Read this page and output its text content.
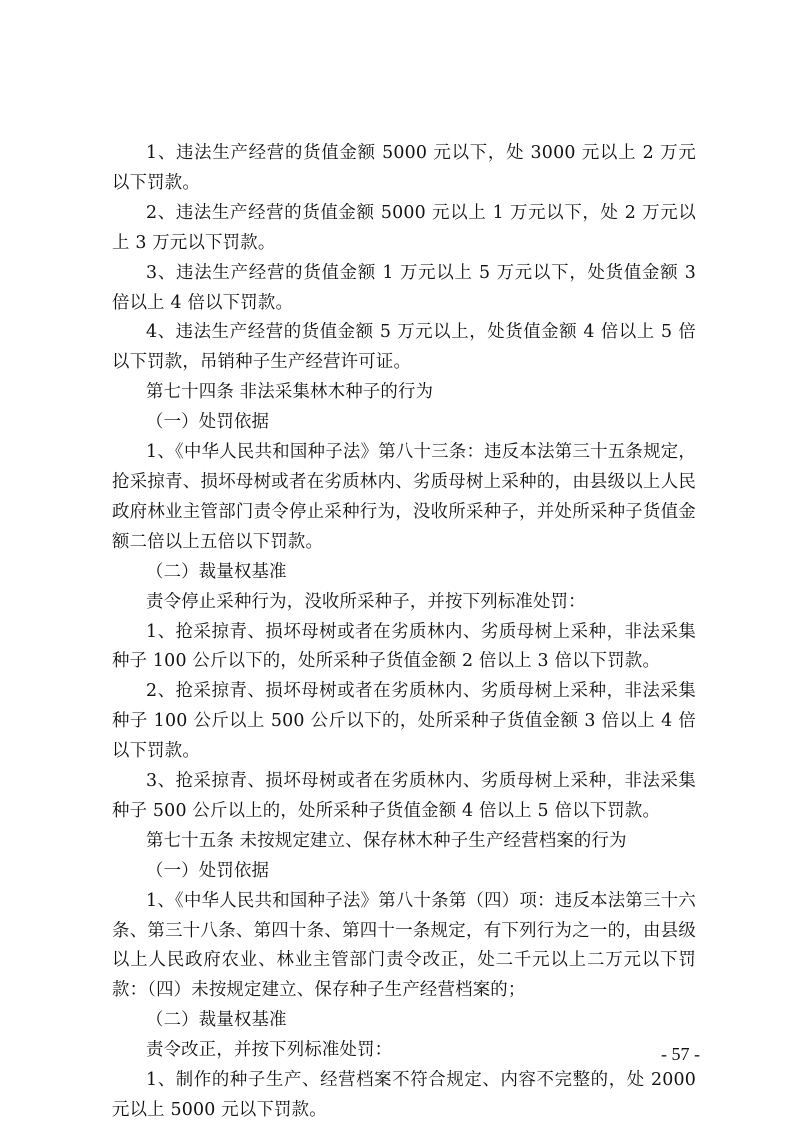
1、违法生产经营的货值金额 5000 元以下，处 3000 元以上 2 万元以下罚款。

2、违法生产经营的货值金额 5000 元以上 1 万元以下，处 2 万元以上 3 万元以下罚款。

3、违法生产经营的货值金额 1 万元以上 5 万元以下，处货值金额 3 倍以上 4 倍以下罚款。

4、违法生产经营的货值金额 5 万元以上，处货值金额 4 倍以上 5 倍以下罚款，吊销种子生产经营许可证。

第七十四条 非法采集林木种子的行为

（一）处罚依据

1、《中华人民共和国种子法》第八十三条：违反本法第三十五条规定，抢采掠青、损坏母树或者在劣质林内、劣质母树上采种的，由县级以上人民政府林业主管部门责令停止采种行为，没收所采种子，并处所采种子货值金额二倍以上五倍以下罚款。

（二）裁量权基准

责令停止采种行为，没收所采种子，并按下列标准处罚：

1、抢采掠青、损坏母树或者在劣质林内、劣质母树上采种，非法采集种子 100 公斤以下的，处所采种子货值金额 2 倍以上 3 倍以下罚款。

2、抢采掠青、损坏母树或者在劣质林内、劣质母树上采种，非法采集种子 100 公斤以上 500 公斤以下的，处所采种子货值金额 3 倍以上 4 倍以下罚款。

3、抢采掠青、损坏母树或者在劣质林内、劣质母树上采种，非法采集种子 500 公斤以上的，处所采种子货值金额 4 倍以上 5 倍以下罚款。

第七十五条 未按规定建立、保存林木种子生产经营档案的行为

（一）处罚依据

1、《中华人民共和国种子法》第八十条第（四）项：违反本法第三十六条、第三十八条、第四十条、第四十一条规定，有下列行为之一的，由县级以上人民政府农业、林业主管部门责令改正，处二千元以上二万元以下罚款：（四）未按规定建立、保存种子生产经营档案的；

（二）裁量权基准

责令改正，并按下列标准处罚：

1、制作的种子生产、经营档案不符合规定、内容不完整的，处 2000 元以上 5000 元以下罚款。

- 57 -
